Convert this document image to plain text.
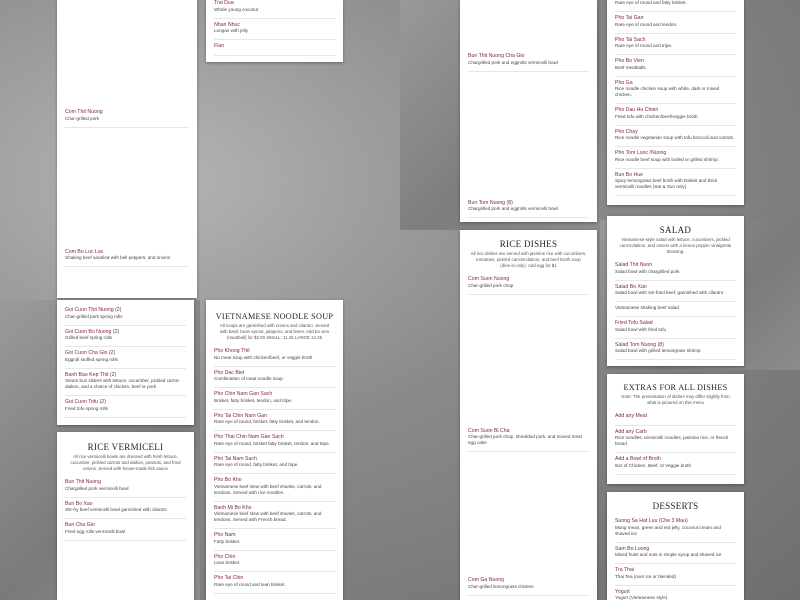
Com Thit Nuong
Char-grilled pork
Com Bo Luc Lac
Shaking beef sautéed with bell peppers, and onions
Goi Cuon Thit Nuong (2)
Char-grilled pork spring rolls
Goi Cuon Bo Nuong (2)
Grilled beef spring rolls
Goi Cuon Cha Gio (2)
Eggroll stuffed spring rolls
Banh Bao Kep Thit (2)
Steam bun sliders with lettuce, cucumber, pickled carrot-daikon, and a choice of chicken, beef or pork
Goi Cuon Tofu (2)
Fried tofu spring rolls
RICE VERMICELI
All rice vermicelli bowls are dressed with fresh lettuce, cucumber, pickled carrots and daikon, peanuts, and fried onions. Served with house-made fish sauce
Bun Thit Nuong
Chargrilled pork vermicelli bowl
Bun Bo Xao
Stir-fry beef vermicelli bowl garnished with cilantro
Bun Cha Gio
Fried egg rolls vermicelli bowl
Trai Dua
Whole young coconut
Nhan Nhuc
Longan with jelly
Flan
VIETNAMESE NOODLE SOUP
All soups are garnished with onions and cilantro. Served with basil, bean sprout, jalapeno, and limes. Add bo vien (meatball) for $2.00 SMALL: 11.25 LARGE 12.25
Pho Khong Thit
No meat soup with chicken/beef, or veggie broth
Pho Dac Biet
Combination of meat noodle soup.
Pho Chin Nam Gan Sach
Brisket, fatty brisket, tendon, and tripe.
Pho Tai Chin Nam Gan
Rare eye of round, brisket, fatty brisket, and tendon.
Pho Thai Chin Nam Gan Sach
Rare eye of round, brisket fatty brisket, tendon, and tripe.
Pho Tai Nam Sach
Rare eye of round, fatty brisket, and tripe.
Pho Bo Kho
Vietnamese beef stew with beef shanks, carrots, and tendons. Served with rice noodles.
Banh Mi Bo Kho
Vietnamese beef stew with beef shanks, carrots, and tendons. Served with French bread.
Pho Nam
Fatty brisket.
Pho Chin
Lean brisket.
Pho Tai Chin
Rare eye of round and lean brisket.
Bun Thit Nuong Cha Gio
Chargrilled pork and eggrolls vermicelli bowl
Bun Tom Nuong (8)
Chargrilled pork and eggrolls vermicelli bowl
RICE DISHES
All rice dishes are served with jasmine rice with cucumbers, tomatoes, pickled carrots-daikon, and beef broth soup (dine-in only). Add egg for $1
Com Suon Nuong
Char-grilled pork chop
Com Suon Bi Cha
Char-grilled pork chop, shredded pork, and moxed meat egg cake
Com Ga Nuong
Char-grilled lemongrass chicken
Rare eye of round and fatty brisket.
Pho Tai Gan
Rare eye of round and tendon.
Pho Tai Sach
Rare eye of round and tripe.
Pho Bo Vien
Beef meatballs.
Pho Ga
Rice noodle chicken soup with white, dark or mixed chicken.
Pho Dau Hu Chien
Fried tofu with chicken/beef/veggie broth.
Pho Chay
Rice noodle vegetarian soup with tofu broccoli and carrots.
Pho Tom Luoc /Nuong
Rice noodle beef soup with boiled or grilled shrimp.
Bun Bo Hue
Spicy lemongrass beef broth with brisket and thick vermicelli noodles (Sat & Sun only)
SALAD
Vietnamese-style salad with lettuce, cucumbers, pickled carrot-daikon, and onions with a lemon pepper vinaigrette dressing.
Salad Thit Nuon
Salad bowl with chargrilled pork
Salad Bo Xao
Salad bowl with stir-fried beef, garnished with cilantro
Vietnamese shaking beef salad
Fried Tofu Salad
Salad bowl with fried tofu
Salad Tom Nuong (8)
Salad bowl with grilled lemongrass shrimp
EXTRAS FOR ALL DISHES
Note: The presentation of dishes may differ slightly from what is pictured on this menu
Add any Meat
Add any Carb
Rice noodles, vermicelli noodles, jasmine rice, or french bread
Add a Bowl of Broth
8oz of Chicken, Beef, or Veggie broth
DESSERTS
Suong Sa Hat Luu (Che 3 Mau)
Mung mean, green and red jelly, coconut cream and shaved ice
Sam Bo Luong
Mixed fruits and nuts in simple syrup and shaved ice
Tra Thai
Thai Tea (over ice or blended)
Yogurt
Yogurt (Vietnamese style)
